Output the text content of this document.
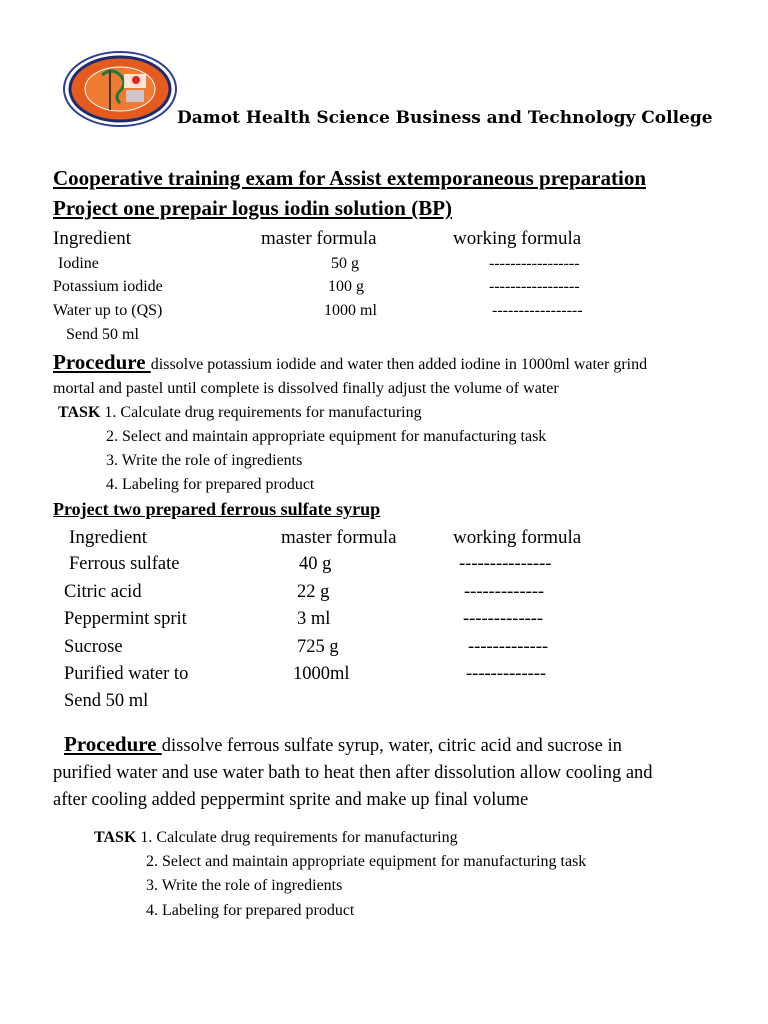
Damot Health Science Business and Technology College
Cooperative training exam for Assist extemporaneous preparation
Project one prepair logus iodin solution (BP)
Ingredient	master formula	working formula
Iodine	50 g	-----------------
Potassium iodide	100 g	-----------------
Water up to (QS)	1000 ml	-----------------
Send 50 ml
Procedure dissolve potassium iodide and water then added iodine in 1000ml water grind
mortal and pastel until complete is dissolved finally adjust the volume of water
TASK 1. Calculate drug requirements for manufacturing
2. Select and maintain appropriate equipment for manufacturing task
3. Write the role of ingredients
4. Labeling for prepared product
Project two prepared ferrous sulfate syrup
Ingredient	master formula	working formula
Ferrous sulfate	40 g	---------------
Citric acid	22 g	-------------
Peppermint sprit	3 ml	-------------
Sucrose	725 g	-------------
Purified water to	1000ml	-------------
Send 50 ml
Procedure dissolve ferrous sulfate syrup, water, citric acid and sucrose in
purified water and use water bath to heat then after dissolution allow cooling and
after cooling added peppermint sprite and make up final volume
TASK 1. Calculate drug requirements for manufacturing
2. Select and maintain appropriate equipment for manufacturing task
3. Write the role of ingredients
4. Labeling for prepared product
